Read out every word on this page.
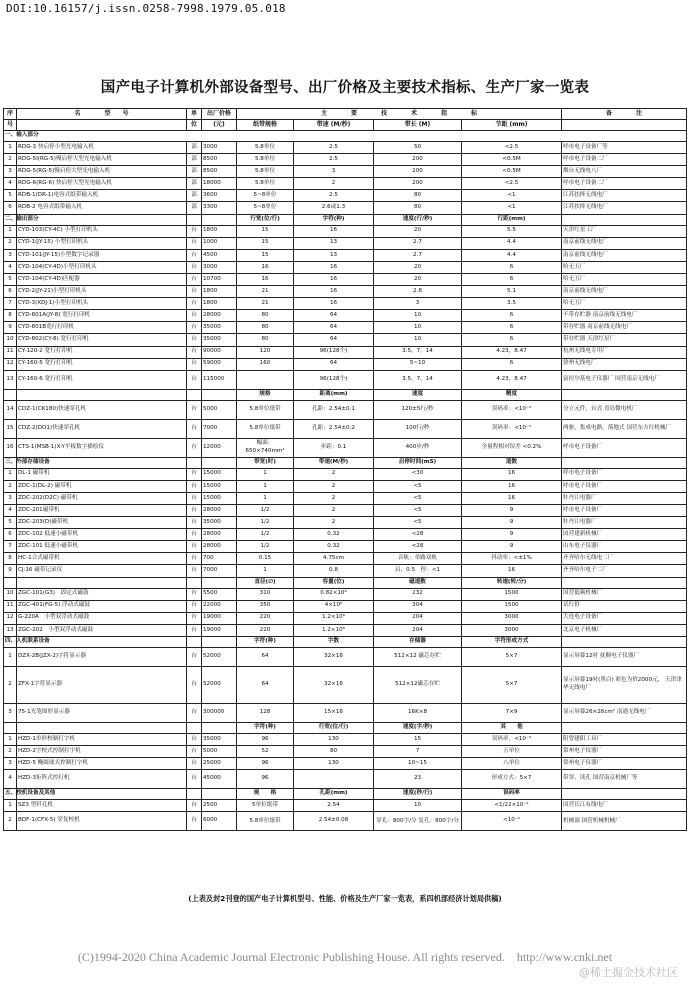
DOI:10.16157/j.issn.0258-7998.1979.05.018
国产电子计算机外部设备型号、出厂价格及主要技术指标、生产厂家一览表
序	名　　　　型　　号	单	出厂价格	主　　　　要　　　　技　　　　术　　　　指　　　　标				备　　　　注
号		位	(元)	纸带规格	带速 (M/秒)	带长 (M)	节距 (mm)	
一、输入部分								
1	RDG-3 快启停小型光电输入机	部	3000	5.8单位	2.5	50	<2.5	呼市电子设备厂等
2	RDG-5I(RG-5)慢启停大型光电输入机	部	8500	5.8单位	2.5	200	<0.5M	呼市电子设备二厂
3	RDG-5(RG-5)慢启停大型光电输入机	部	8500	5.8单位	3	200	<0.5M	烟台无线电八厂
4	RDG-6(RG-6) 快启停大型光电输入机	部	18000	5.8单位	2	200	<2.5	呼市电子设备二厂
5	RDB-1(DR-1)电容式纸带输入机	部	3600	5~8单位	2.5	80	<1	江苏扶摔无线电厂
6	RDB-2 电容式纸带输入机	部	3300	5~8单位	2.6或1.3	80	<1	江苏扶摔无线电厂
二、输出部分				行宽(位/行)	字符(种)	速度(行/秒)	行距(mm)	
1	CYD-103(CY-4C) 小型打印机头	台	1800	15	16	20	5.5	天津红星工厂
2	CYD-1(JY-15) 小型打印机头	台	1000	15	13	2.7	4.4	南京前线无线电厂
3	CYD-101(JY-15)小型数字记录器	台	4500	15	13	2.7	4.4	南京前线无线电厂
4	CYD-104(CY-4D)小型打印机头	台	3000	16	16	20	6	哈无五厂
5	CYD-104(CY-4D)匹配器	台	10700	16	16	20	6	哈无五厂
6	CYD-2(JY-21)小型打印机头	台	1800	21	16	2.8	5.1	南京前线无线电厂
7	CYD-3(XDJ-1)小型打印机头	台	1800	21	16	3	3.5	哈无五厂
8	CYD-801A(JY-8) 宽行打印机	台	28000	80	64	10	6	不带存贮器 南京前线无线电厂
9	CYD-801B宽行打印机	台	35000	80	64	10	6	带存贮器 南京前线无线电厂
10	CYD-802(CY-8) 宽行打印机	台	35000	80	64	10	6	带存贮器 天津红星厂
11	CY-120-2 宽行打印机	台	90000	120	96(128个)	3.5，7，14	4.23，8.47	杭州无线电专用厂
12	CY-160-5 宽行打印机	台	59000	160	64	5~10	6	徐州无线电厂
13	CY-160-6 宽行打印机	台	115000		96(128个)	3.5，7，14	4.23，8.47	富拉尔基电子仪器厂 国营南京无线电厂
				规格	距离(mm)	速度	精度	
14	CDZ-1(CK180)快速穿孔机	台	5000	5.8单位纸带	孔距：2.54±0.1	120±5行/秒	误码率：<10⁻⁵	分立元件，台式 青岛微电机厂
15	CDZ-2(DO1)快速穿孔机	台	7000	5.8单位纸带	孔距：2.54±0.2	100行/秒	误码率：<10⁻⁵	两驱，集成电路，落地式 国营东方红机械厂
16	CTS-1(MSB-1)X-Y平板数字描绘仪	台	12000	幅面：650×740mm²	步距：0.1	400步/秒	全量程相对误差 <0.2%	呼市电子设备厂
三、外部存储设备				带宽(时)	带速(M/秒)	启停时间(mS)	道数	
1	DL-1 磁带机	台	15000	1	2	<30	16	呼市电子设备厂
2	ZDC-1(DL-2) 磁带机	台	15000	1	2	<5	16	呼市电子设备厂
3	ZDC-202(D2C) 磁带机	台	15000	1	2	<5	16	牡丹江电器厂
4	ZDC-201磁带机	台	28000	1/2	2	<5	9	呼市电子设备厂
5	ZDC-203(D)磁带机	台	35000	1/2	2	<5	9	牡丹江电器厂
6	ZDC-102 低速小磁带机	台	28000	1/2	0.32	<28	9	国营建新机械厂
7	ZDC-101 低速小磁带机	台	28000	1/2	0.32	<28	9	山东电子仪器厂
8	HC-1合式磁带机	台	700	0.15	4.75cm	音轨：单路双轨	抖动率：<±1%	齐齐哈尔无线电二厂
9	CJ-16 磁带记录仪	台	7000	1	0.8	启、0.5　停：<1	16	齐齐哈尔电子二厂
				直径(∅)	容量(位)	磁道数	转速(转/分)	
10	ZGC-101(G3)　固定式磁鼓	台	5500	310	0.82×10⁶	232	1500	国营低频机械厂
11	ZGC-401(FG-5) 浮动式磁鼓	台	22000	350	4×10⁶	304	1500	试行价
12	G-220A　小型双浮动式磁鼓	台	19000	220	1.2×10⁶	204	3000	大连电子设备厂
13	ZGC-202　小型双浮动式磁鼓	台	19000	220	1.2×10⁶	204	3000	北京电子机械厂
四、人机联系设备				字符(种)	字数	存储器	字符形成方式	
1	DZX-2B(JZX-2)字符显示器	台	52000	64	32×16	512×12 磁芯存贮	5×7	显示屏幕12吋 抚顺电子仪器厂
2	ZFX-1字符显示器	台	52000	64	32×16	512×12磁芯存贮	5×7	显示屏幕19吋(黑白) 彩色为价2000元， 天津津华无线电厂
3	75-1光笔图形显示器	台	300000	128	15×16	16K×8	7×9	显示屏幕26×26cm² 南通无线电厂
				字符(种)	行宽(位/行)	速度(字/秒)	其　　他	
1	HZD-1单形校制打字机	台	35000	96	130	15	误码率，<10⁻⁵	阳曾建阳工具厂
2	HZD-2字校式控制打字机	台	5000	52	80	7	五单位	常州电子仪器厂
3	HZD-5 椭圆球式控制打字机	台	25000	96	130	10~15	八单位	常州电子仪器厂
4	HZD-3矩阵式控打机	台	45000	96		23	形成方式：5×7	带穿、读孔 国营南京机械厂等
五、校机设备及其他				规　　格	孔距(mm)	速度(秒/行)	误码率	
1	SZ3 型纤孔机	台	2500	5单位纸带	2.54	10	<1/22×10⁻²	国营长江有线电厂
2	BDF-1(CFX-5) 穿复校机	台	6000	5.8单位纸带	2.54±0.08	穿孔：800字/分 复孔：800字/分	<10⁻⁵	机械部 国营机械机械厂
(上表及封2刊登的国产电子计算机型号、性能、价格及生产厂家一览表，系四机部经济计划局供稿)
(C)1994-2020 China Academic Journal Electronic Publishing House. All rights reserved.　http://www.cnki.net
@稀土掘金技术社区
